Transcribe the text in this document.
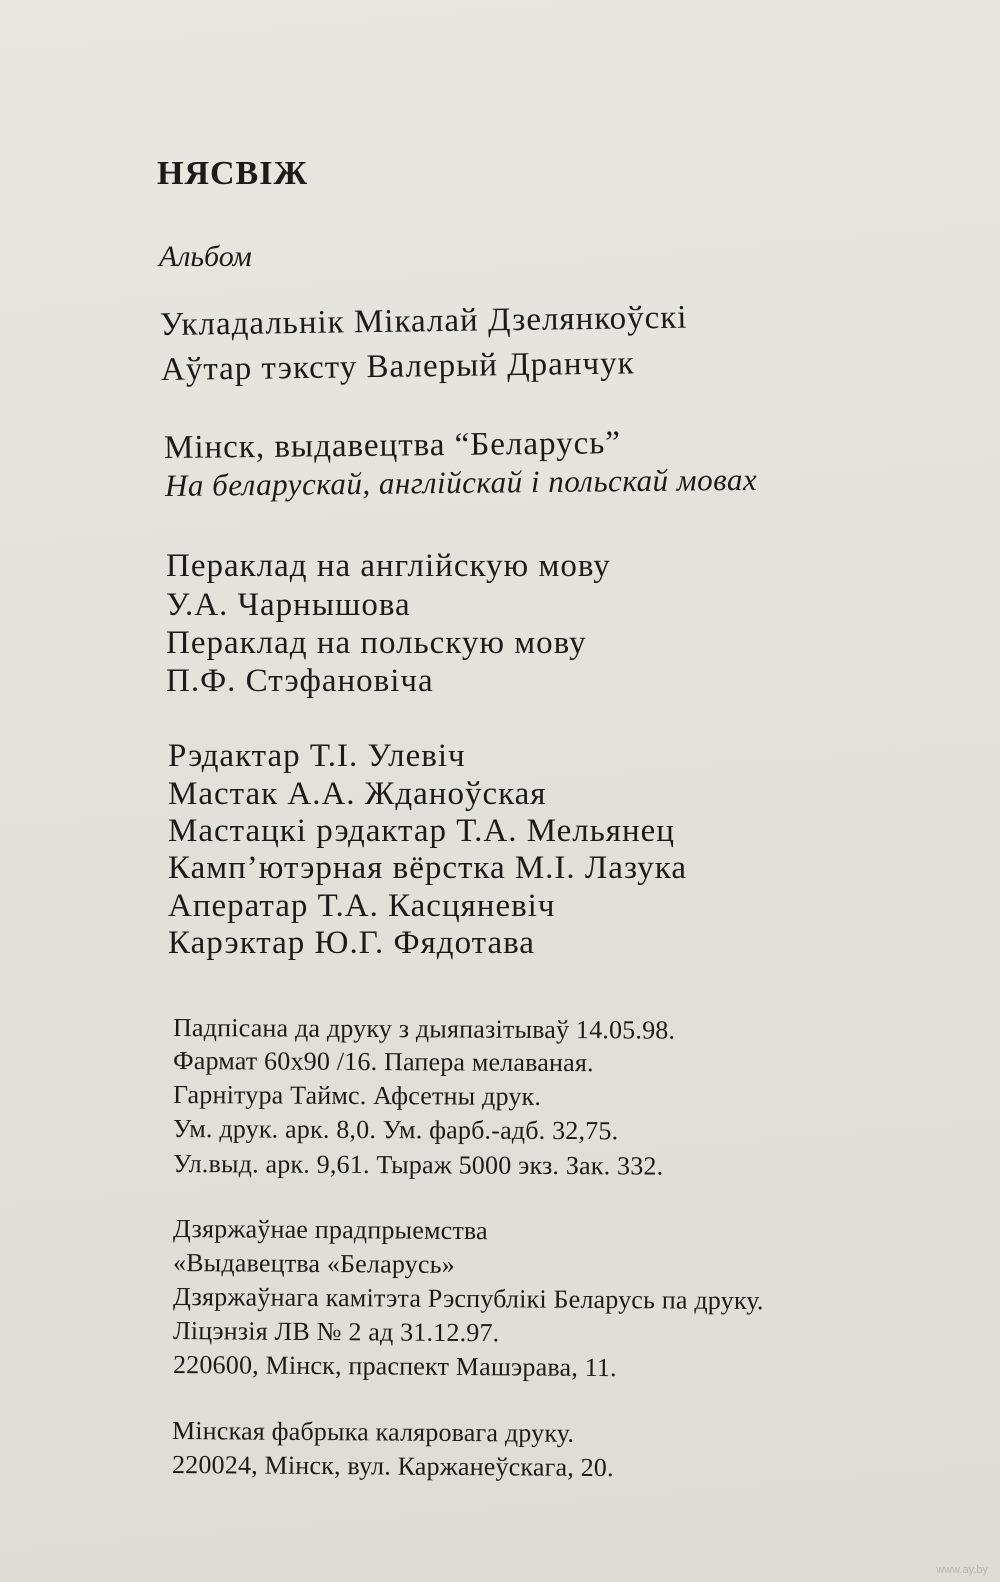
НЯСВІЖ
Альбом
Укладальнік Мікалай Дзелянкоўскі
Аўтар тэксту Валерый Дранчук
Мінск, выдавецтва “Беларусь”
На беларускай, англійскай і польскай мовах
Пераклад на англійскую мову
У.А. Чарнышова
Пераклад на польскую мову
П.Ф. Стэфановіча
Рэдактар Т.І. Улевіч
Мастак А.А. Жданоўская
Мастацкі рэдактар Т.А. Мельянец
Камп’ютэрная вёрстка М.І. Лазука
Аператар Т.А. Касцяневіч
Карэктар Ю.Г. Фядотава
Падпісана да друку з дыяпазітываў 14.05.98.
Фармат 60x90 /16. Папера мелаваная.
Гарнітура Таймс. Афсетны друк.
Ум. друк. арк. 8,0. Ум. фарб.-адб. 32,75.
Ул.выд. арк. 9,61. Тыраж 5000 экз. Зак. 332.
Дзяржаўнае прадпрыемства
«Выдавецтва «Беларусь»
Дзяржаўнага камітэта Рэспублікі Беларусь па друку.
Ліцэнзія ЛВ № 2 ад 31.12.97.
220600, Мінск, праспект Машэрава, 11.
Мінская фабрыка каляровага друку.
220024, Мінск, вул. Каржанеўскага, 20.
www.ay.by
